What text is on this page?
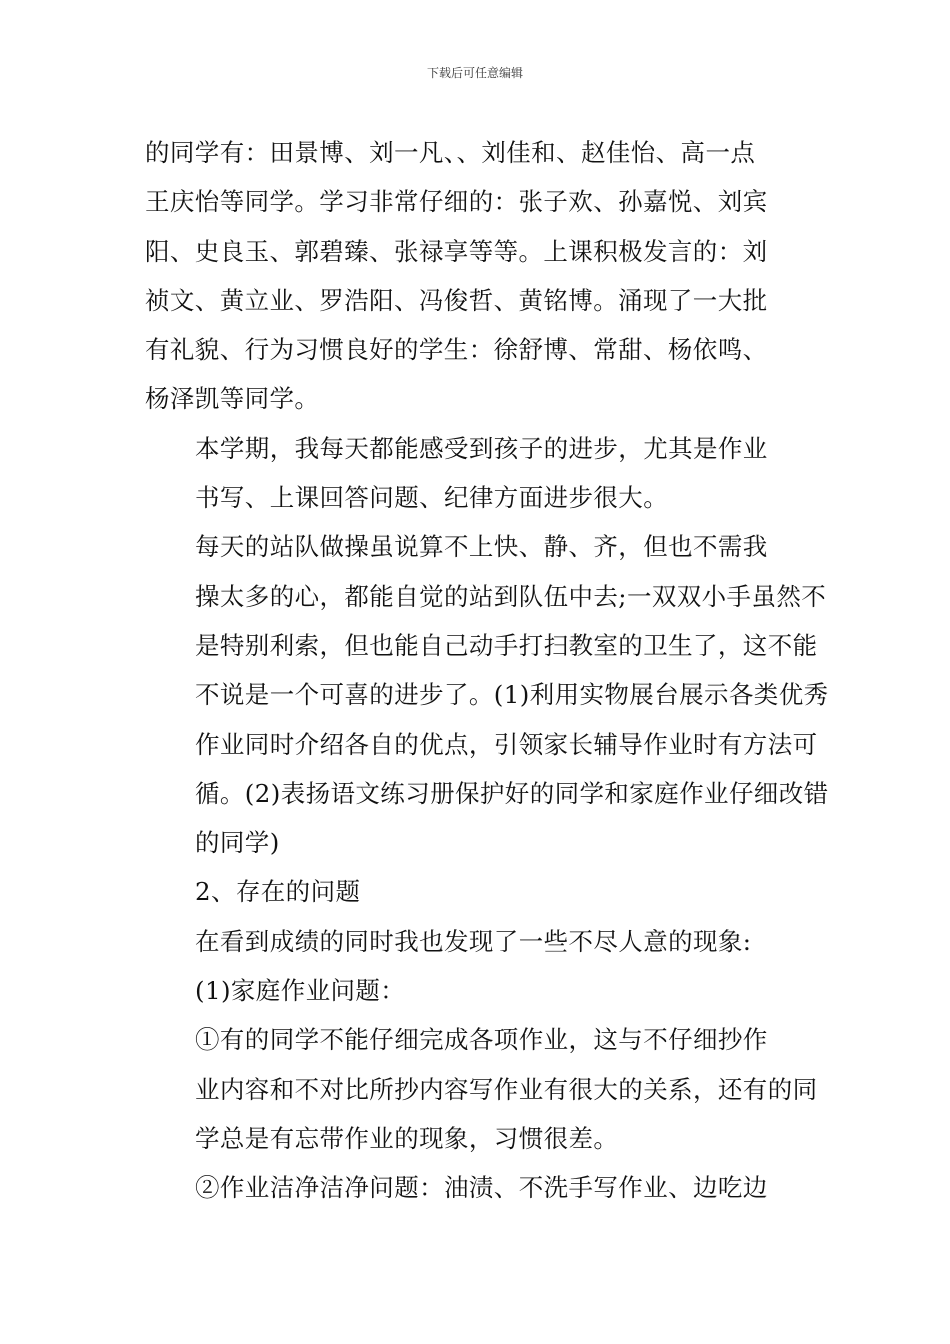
下载后可任意编辑
的同学有：田景博、刘一凡、、刘佳和、赵佳怡、高一点
王庆怡等同学。学习非常仔细的：张子欢、孙嘉悦、刘宾
阳、史良玉、郭碧臻、张禄享等等。上课积极发言的：刘
祯文、黄立业、罗浩阳、冯俊哲、黄铭博。涌现了一大批
有礼貌、行为习惯良好的学生：徐舒博、常甜、杨依鸣、
杨泽凯等同学。
本学期，我每天都能感受到孩子的进步，尤其是作业
书写、上课回答问题、纪律方面进步很大。
每天的站队做操虽说算不上快、静、齐，但也不需我
操太多的心，都能自觉的站到队伍中去;一双双小手虽然不
是特别利索，但也能自己动手打扫教室的卫生了，这不能
不说是一个可喜的进步了。(1)利用实物展台展示各类优秀
作业同时介绍各自的优点，引领家长辅导作业时有方法可
循。(2)表扬语文练习册保护好的同学和家庭作业仔细改错
的同学)
2、存在的问题
在看到成绩的同时我也发现了一些不尽人意的现象:
(1)家庭作业问题：
①有的同学不能仔细完成各项作业，这与不仔细抄作
业内容和不对比所抄内容写作业有很大的关系，还有的同
学总是有忘带作业的现象，习惯很差。
②作业洁净洁净问题：油渍、不洗手写作业、边吃边
